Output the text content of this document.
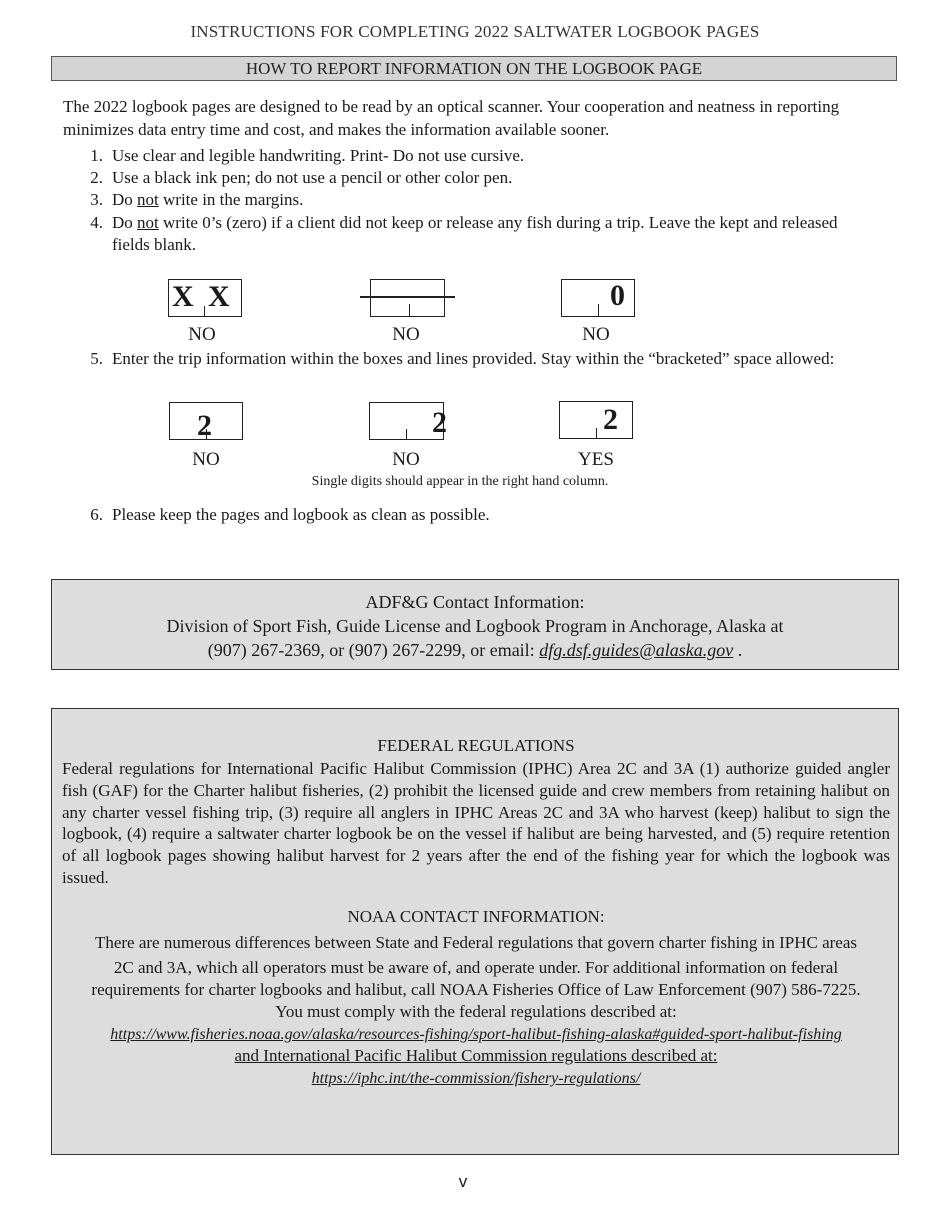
INSTRUCTIONS FOR COMPLETING 2022 SALTWATER LOGBOOK PAGES
HOW TO REPORT INFORMATION ON THE LOGBOOK PAGE
The 2022 logbook pages are designed to be read by an optical scanner. Your cooperation and neatness in reporting minimizes data entry time and cost, and makes the information available sooner.
1. Use clear and legible handwriting. Print- Do not use cursive.
2. Use a black ink pen; do not use a pencil or other color pen.
3. Do not write in the margins.
4. Do not write 0’s (zero) if a client did not keep or release any fish during a trip. Leave the kept and released fields blank.
X X
NO	NO
0
NO
5. Enter the trip information within the boxes and lines provided. Stay within the “bracketed” space allowed:
2
NO
2
NO
2
YES
Single digits should appear in the right hand column.
6. Please keep the pages and logbook as clean as possible.
ADF&G Contact Information:
Division of Sport Fish, Guide License and Logbook Program in Anchorage, Alaska at
(907) 267-2369, or (907) 267-2299, or email: dfg.dsf.guides@alaska.gov .
FEDERAL REGULATIONS
Federal regulations for International Pacific Halibut Commission (IPHC) Area 2C and 3A (1) authorize guided angler fish (GAF) for the Charter halibut fisheries, (2) prohibit the licensed guide and crew members from retaining halibut on any charter vessel fishing trip, (3) require all anglers in IPHC Areas 2C and 3A who harvest (keep) halibut to sign the logbook, (4) require a saltwater charter logbook be on the vessel if halibut are being harvested, and (5) require retention of all logbook pages showing halibut harvest for 2 years after the end of the fishing year for which the logbook was issued.
NOAA CONTACT INFORMATION:
There are numerous differences between State and Federal regulations that govern charter fishing in IPHC areas
2C and 3A, which all operators must be aware of, and operate under. For additional information on federal
requirements for charter logbooks and halibut, call NOAA Fisheries Office of Law Enforcement (907) 586-7225.
You must comply with the federal regulations described at:
https://www.fisheries.noaa.gov/alaska/resources-fishing/sport-halibut-fishing-alaska#guided-sport-halibut-fishing
and International Pacific Halibut Commission regulations described at:
https://iphc.int/the-commission/fishery-regulations/
v
